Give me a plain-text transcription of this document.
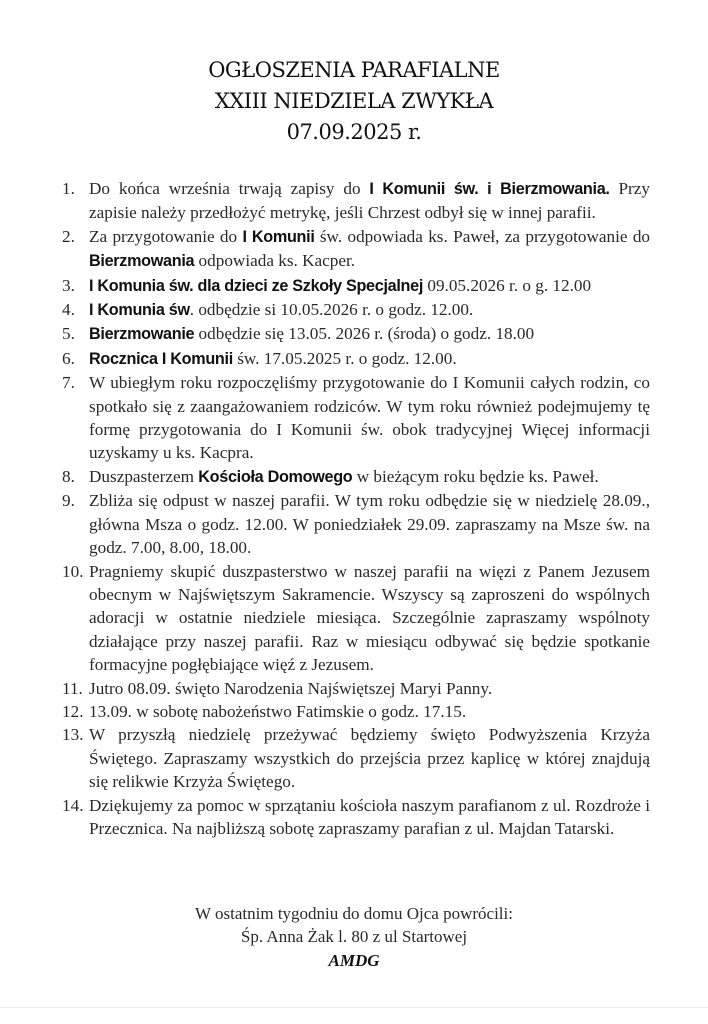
OGŁOSZENIA PARAFIALNE
XXIII NIEDZIELA ZWYKŁA
07.09.2025 r.
1. Do końca września trwają zapisy do I Komunii św. i Bierzmowania. Przy zapisie należy przedłożyć metrykę, jeśli Chrzest odbył się w innej parafii.
2. Za przygotowanie do I Komunii św. odpowiada ks. Paweł, za przygotowanie do Bierzmowania odpowiada ks. Kacper.
3. I Komunia św. dla dzieci ze Szkoły Specjalnej 09.05.2026 r. o g. 12.00
4. I Komunia św. odbędzie si 10.05.2026 r. o godz. 12.00.
5. Bierzmowanie odbędzie się 13.05. 2026 r. (środa) o godz. 18.00
6. Rocznica I Komunii św. 17.05.2025 r. o godz. 12.00.
7. W ubiegłym roku rozpoczęliśmy przygotowanie do I Komunii całych rodzin, co spotkało się z zaangażowaniem rodziców. W tym roku również podejmujemy tę formę przygotowania do I Komunii św. obok tradycyjnej Więcej informacji uzyskamy u ks. Kacpra.
8. Duszpasterzem Kościoła Domowego w bieżącym roku będzie ks. Paweł.
9. Zbliża się odpust w naszej parafii. W tym roku odbędzie się w niedzielę 28.09., główna Msza o godz. 12.00. W poniedziałek 29.09. zapraszamy na Msze św. na godz. 7.00, 8.00, 18.00.
10. Pragniemy skupić duszpasterstwo w naszej parafii na więzi z Panem Jezusem obecnym w Najświętszym Sakramencie. Wszyscy są zaproszeni do wspólnych adoracji w ostatnie niedziele miesiąca. Szczególnie zapraszamy wspólnoty działające przy naszej parafii. Raz w miesiącu odbywać się będzie spotkanie formacyjne pogłębiające więź z Jezusem.
11. Jutro 08.09. święto Narodzenia Najświętszej Maryi Panny.
12. 13.09. w sobotę nabożeństwo Fatimskie o godz. 17.15.
13. W przyszłą niedzielę przeżywać będziemy święto Podwyższenia Krzyża Świętego. Zapraszamy wszystkich do przejścia przez kaplicę w której znajdują się relikwie Krzyża Świętego.
14. Dziękujemy za pomoc w sprzątaniu kościoła naszym parafianom z ul. Rozdroże i Przecznica. Na najbliższą sobotę zapraszamy parafian z ul. Majdan Tatarski.
W ostatnim tygodniu do domu Ojca powrócili:
Śp. Anna Żak l. 80 z ul Startowej
AMDG
